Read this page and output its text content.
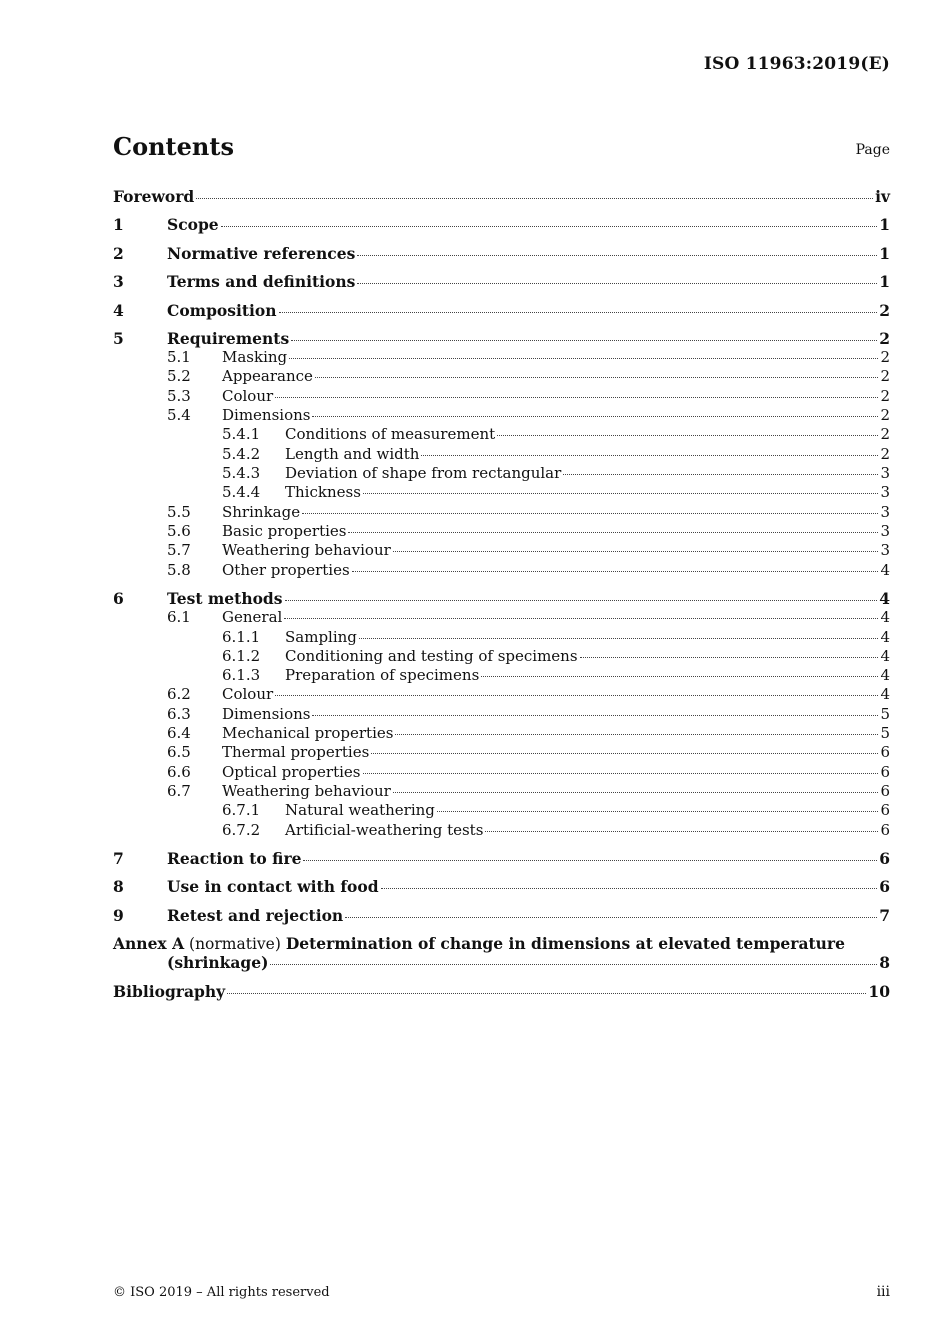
ISO 11963:2019(E)
Contents	Page
Foreword	iv
1	Scope	1
2	Normative references	1
3	Terms and definitions	1
4	Composition	2
5	Requirements	2
5.1	Masking	2
5.2	Appearance	2
5.3	Colour	2
5.4	Dimensions	2
5.4.1	Conditions of measurement	2
5.4.2	Length and width	2
5.4.3	Deviation of shape from rectangular	3
5.4.4	Thickness	3
5.5	Shrinkage	3
5.6	Basic properties	3
5.7	Weathering behaviour	3
5.8	Other properties	4
6	Test methods	4
6.1	General	4
6.1.1	Sampling	4
6.1.2	Conditioning and testing of specimens	4
6.1.3	Preparation of specimens	4
6.2	Colour	4
6.3	Dimensions	5
6.4	Mechanical properties	5
6.5	Thermal properties	6
6.6	Optical properties	6
6.7	Weathering behaviour	6
6.7.1	Natural weathering	6
6.7.2	Artificial-weathering tests	6
7	Reaction to fire	6
8	Use in contact with food	6
9	Retest and rejection	7
Annex A (normative) Determination of change in dimensions at elevated temperature
(shrinkage)	8
Bibliography	10
© ISO 2019 – All rights reserved	iii
